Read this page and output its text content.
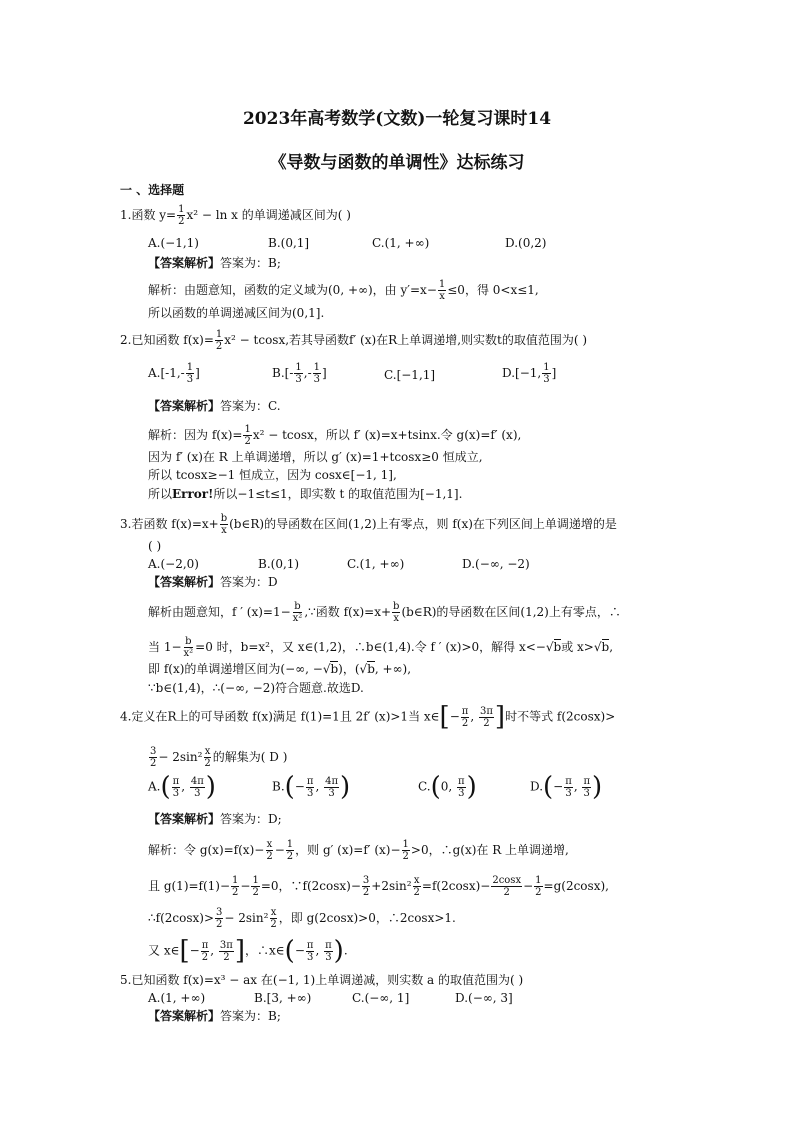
2023年高考数学(文数)一轮复习课时14
《导数与函数的单调性》达标练习
一 、选择题
1.函数 $y= \frac{1}{2} x^2 - \ln x$ 的单调递减区间为( )
A.(−1,1)	B.(0,1]	C.(1, +∞)	D.(0,2)
【答案解析】答案为：B;
解析：由题意知，函数的定义域为(0, +∞)，由 $y'=x- \frac{1}{x} \le 0$，得 0<x≤1,
所以函数的单调递减区间为(0,1].
2.已知函数 $f(x)= \frac{1}{2} x^2 - tcosx$,若其导函数f′ (x)在R上单调递增,则实数t的取值范围为( )
$A.[-1,- \frac{1}{3}$ ]	$B.[- \frac{1}{3}$ ,- $\frac{1}{3}$ ]	C.[−1,1]	D.[−1, $\frac{1}{3}$ ]
【答案解析】答案为：C.
解析：因为 $f(x)= \frac{1}{2} x^2 - tcosx$，所以 f′ (x)=x+tsinx.令 g(x)=f′ (x),
因为 f′ (x)在 R 上单调递增，所以 g′ (x)=1+tcosx≥0 恒成立,
所以 tcosx≥−1 恒成立，因为 cosx∈[−1, 1],
所以Error!所以−1≤t≤1，即实数 t 的取值范围为[−1,1].
3.若函数 $f(x)=x+ \frac{b}{x}$ (b∈R)的导函数在区间(1,2)上有零点，则 f(x)在下列区间上单调递增的是
( )
A.(−2,0)	B.(0,1)	C.(1, +∞)	D.(−∞, −2)
【答案解析】答案为：D
解析由题意知，f ′ $(x)=1- \frac{b}{\text{x²}}$ ,∵函数 $f(x)=x+ \frac{b}{x}$ (b∈R)的导函数在区间(1,2)上有零点，∴
当 $1- \frac{b}{\text{x²}} =0$ 时，b=x²，又 x∈(1,2)，∴b∈(1,4).令 f ′ (x)>0，解得 x<−√b或 x>√b,
即 f(x)的单调递增区间为(−∞, −√b)，(√b, +∞),
∵b∈(1,4)，∴(−∞, −2)符合题意.故选D.
4.定义在R上的可导函数 f(x)满足 f(1)=1且 2f′ (x)>1当 x∈[− $\frac{\pi}{2}$ , $\frac{3\pi}{2}$ ]时不等式 f(2cosx)>
$\frac{3}{2} - 2\sin^2 \frac{x}{2}$ 的解集为( D )
$A.( \frac{\pi}{3}$ , $\frac{4\pi}{3}$ )	$B.(- \frac{\pi}{3}$ , $\frac{4\pi}{3}$ )	C.(0, $\frac{\pi}{3}$ )	$D.(- \frac{\pi}{3}$ , $\frac{\pi}{3}$ )
【答案解析】答案为：D;
解析：令 $g(x)=f(x)- \frac{x}{2} - \frac{1}{2}$ ，则 g′ (x)=f′ $(x)- \frac{1}{2} >0$，∴g(x)在 R 上单调递增,
且 $g(1)=f(1)- \frac{1}{2} - \frac{1}{2} =0$，∵f(2cosx)− $\frac{3}{2} +2\sin^2 \frac{x}{2} =f(2\cos x)- \frac{2\cos x}{2} - \frac{1}{2} =g(2\cos x)$,
∴f(2cosx)> $\frac{3}{2} - 2\sin^2 \frac{x}{2}$ ，即 g(2cosx)>0，∴2cosx>1.
又 x∈[− $\frac{\pi}{2}$ , $\frac{3\pi}{2}$ ]，∴x∈(− $\frac{\pi}{3}$ , $\frac{\pi}{3}$ ).
5.已知函数 f(x)=x³ − ax 在(−1, 1)上单调递减，则实数 a 的取值范围为( )
A.(1, +∞)	B.[3, +∞)	C.(−∞, 1]	D.(−∞, 3]
【答案解析】答案为：B;
